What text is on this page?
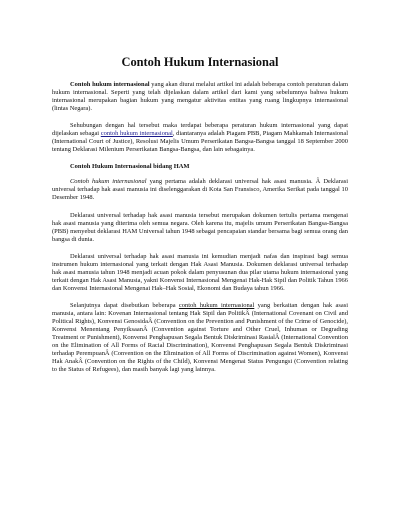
Contoh Hukum Internasional

Contoh hukum internasional yang akan diurai melalui artikel ini adalah beberapa contoh peraturan dalam hukum internasional. Seperti yang telah dijelaskan dalam artikel dari kami yang sebelumnya bahwa hukum internasional merupakan bagian hukum yang mengatur aktivitas entitas yang ruang lingkupnya internasional (lintas Negara).

Sehubungan dengan hal tersebut maka terdapat beberapa peraturan hukum internasional yang dapat dijelaskan sebagai contoh hukum internasional, diantaranya adalah Piagam PBB, Piagam Mahkamah Internasional (International Court of Justice), Resolusi Majelis Umum Perserikatan Bangsa-Bangsa tanggal 18 September 2000 tentang Deklarasi Milenium Perserikatan Bangsa-Bangsa, dan lain sebagainya.

Contoh Hukum Internasional bidang HAM

Contoh hukum internasional yang pertama adalah deklarasi universal hak asasi manusia. Â Deklarasi universal terhadap hak asasi manusia ini diselenggarakan di Kota San Fransisco, Amerika Serikat pada tanggal 10 Desember 1948.

Deklarasi universal terhadap hak asasi manusia tersebut merupakan dokumen tertulis pertama mengenai hak asasi manusia yang diterima oleh semua negara. Oleh karena itu, majelis umum Perserikatan Bangsa-Bangsa (PBB) menyebut deklarasi HAM Universal tahun 1948 sebagai pencapaian standar bersama bagi semua orang dan bangsa di dunia.

Deklarasi universal terhadap hak asasi manusia ini kemudian menjadi nafas dan inspirasi bagi semua instrumen hukum internasional yang terkait dengan Hak Asasi Manusia. Dokumen deklarasi universal terhadap hak asasi manusia tahun 1948 menjadi acuan pokok dalam penyusunan dua pilar utama hukum internasional yang terkait dengan Hak Asasi Manusia, yakni Konvensi Internasional Mengenai Hak-Hak Sipil dan Politik Tahun 1966 dan Konvensi Internasional Mengenai Hak–Hak Sosial, Ekonomi dan Budaya tahun 1966.

Selanjutnya dapat disebutkan beberapa contoh hukum internasional yang berkaitan dengan hak asasi manusia, antara lain: Kovenan Internasional tentang Hak Sipil dan PolitikÂ (International Covenant on Civil and Political Rights), Konvensi GenosidaÂ (Convention on the Prevention and Punishment of the Crime of Genocide), Konvensi Menentang PenyiksaanÂ (Convention against Torture and Other Cruel, Inhuman or Degrading Treatment or Punishment), Konvensi Penghapusan Segala Bentuk Diskriminasi RasialÂ (International Convention on the Elimination of All Forms of Racial Discrimination), Konvensi Penghapusan Segala Bentuk Diskriminasi terhadap PerempuanÂ (Convention on the Elimination of All Forms of Discrimination against Women), Konvensi Hak AnakÂ (Convention on the Rights of the Child), Konvensi Mengenai Status Pengungsi (Convention relating to the Status of Refugees), dan masih banyak lagi yang lainnya.
